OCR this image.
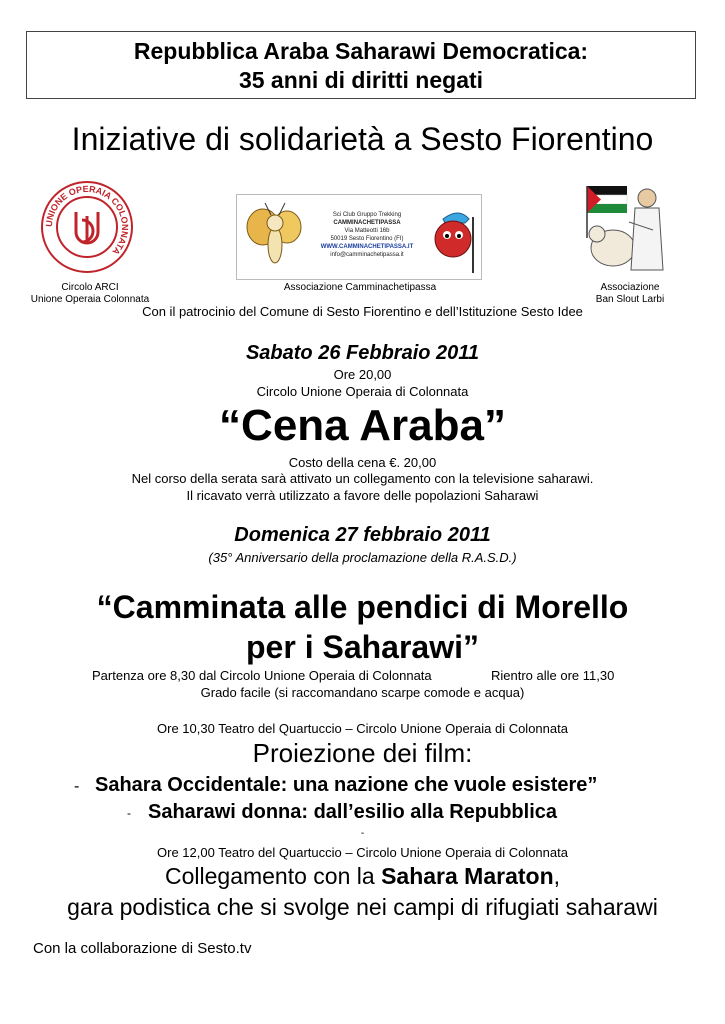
Repubblica Araba Saharawi Democratica:
35 anni di diritti negati
Iniziative di solidarietà a Sesto Fiorentino
UNIONE OPERAIA COLONNATA
Sci Club Gruppo Trekking
CAMMINACHETIPASSA
Via Matteotti 16b
50019 Sesto Fiorentino (FI)
WWW.CAMMINACHETIPASSA.IT
info@camminachetipassa.it
Circolo ARCI
Unione Operaia Colonnata
Associazione Camminachetipassa	Associazione
Ban Slout Larbi
Con il patrocinio del Comune di Sesto Fiorentino e dell’Istituzione Sesto Idee
Sabato 26 Febbraio 2011
Ore 20,00
Circolo Unione Operaia di Colonnata
“Cena Araba”
Costo della cena €. 20,00
Nel corso della serata sarà attivato un collegamento con la televisione saharawi.
Il ricavato verrà utilizzato a favore delle popolazioni Saharawi
Domenica 27 febbraio 2011
(35° Anniversario della proclamazione della R.A.S.D.)
“Camminata alle pendici di Morello
per i Saharawi”
Partenza ore 8,30 dal Circolo Unione Operaia di Colonnata	Rientro alle ore 11,30
Grado facile (si raccomandano scarpe comode e acqua)
Ore 10,30 Teatro del Quartuccio – Circolo Unione Operaia di Colonnata
Proiezione dei film:
- Sahara Occidentale: una nazione che vuole esistere”
- Saharawi donna: dall’esilio alla Repubblica
-
Ore 12,00 Teatro del Quartuccio – Circolo Unione Operaia di Colonnata
Collegamento con la Sahara Maraton,
gara podistica che si svolge nei campi di rifugiati saharawi
Con la collaborazione di Sesto.tv
